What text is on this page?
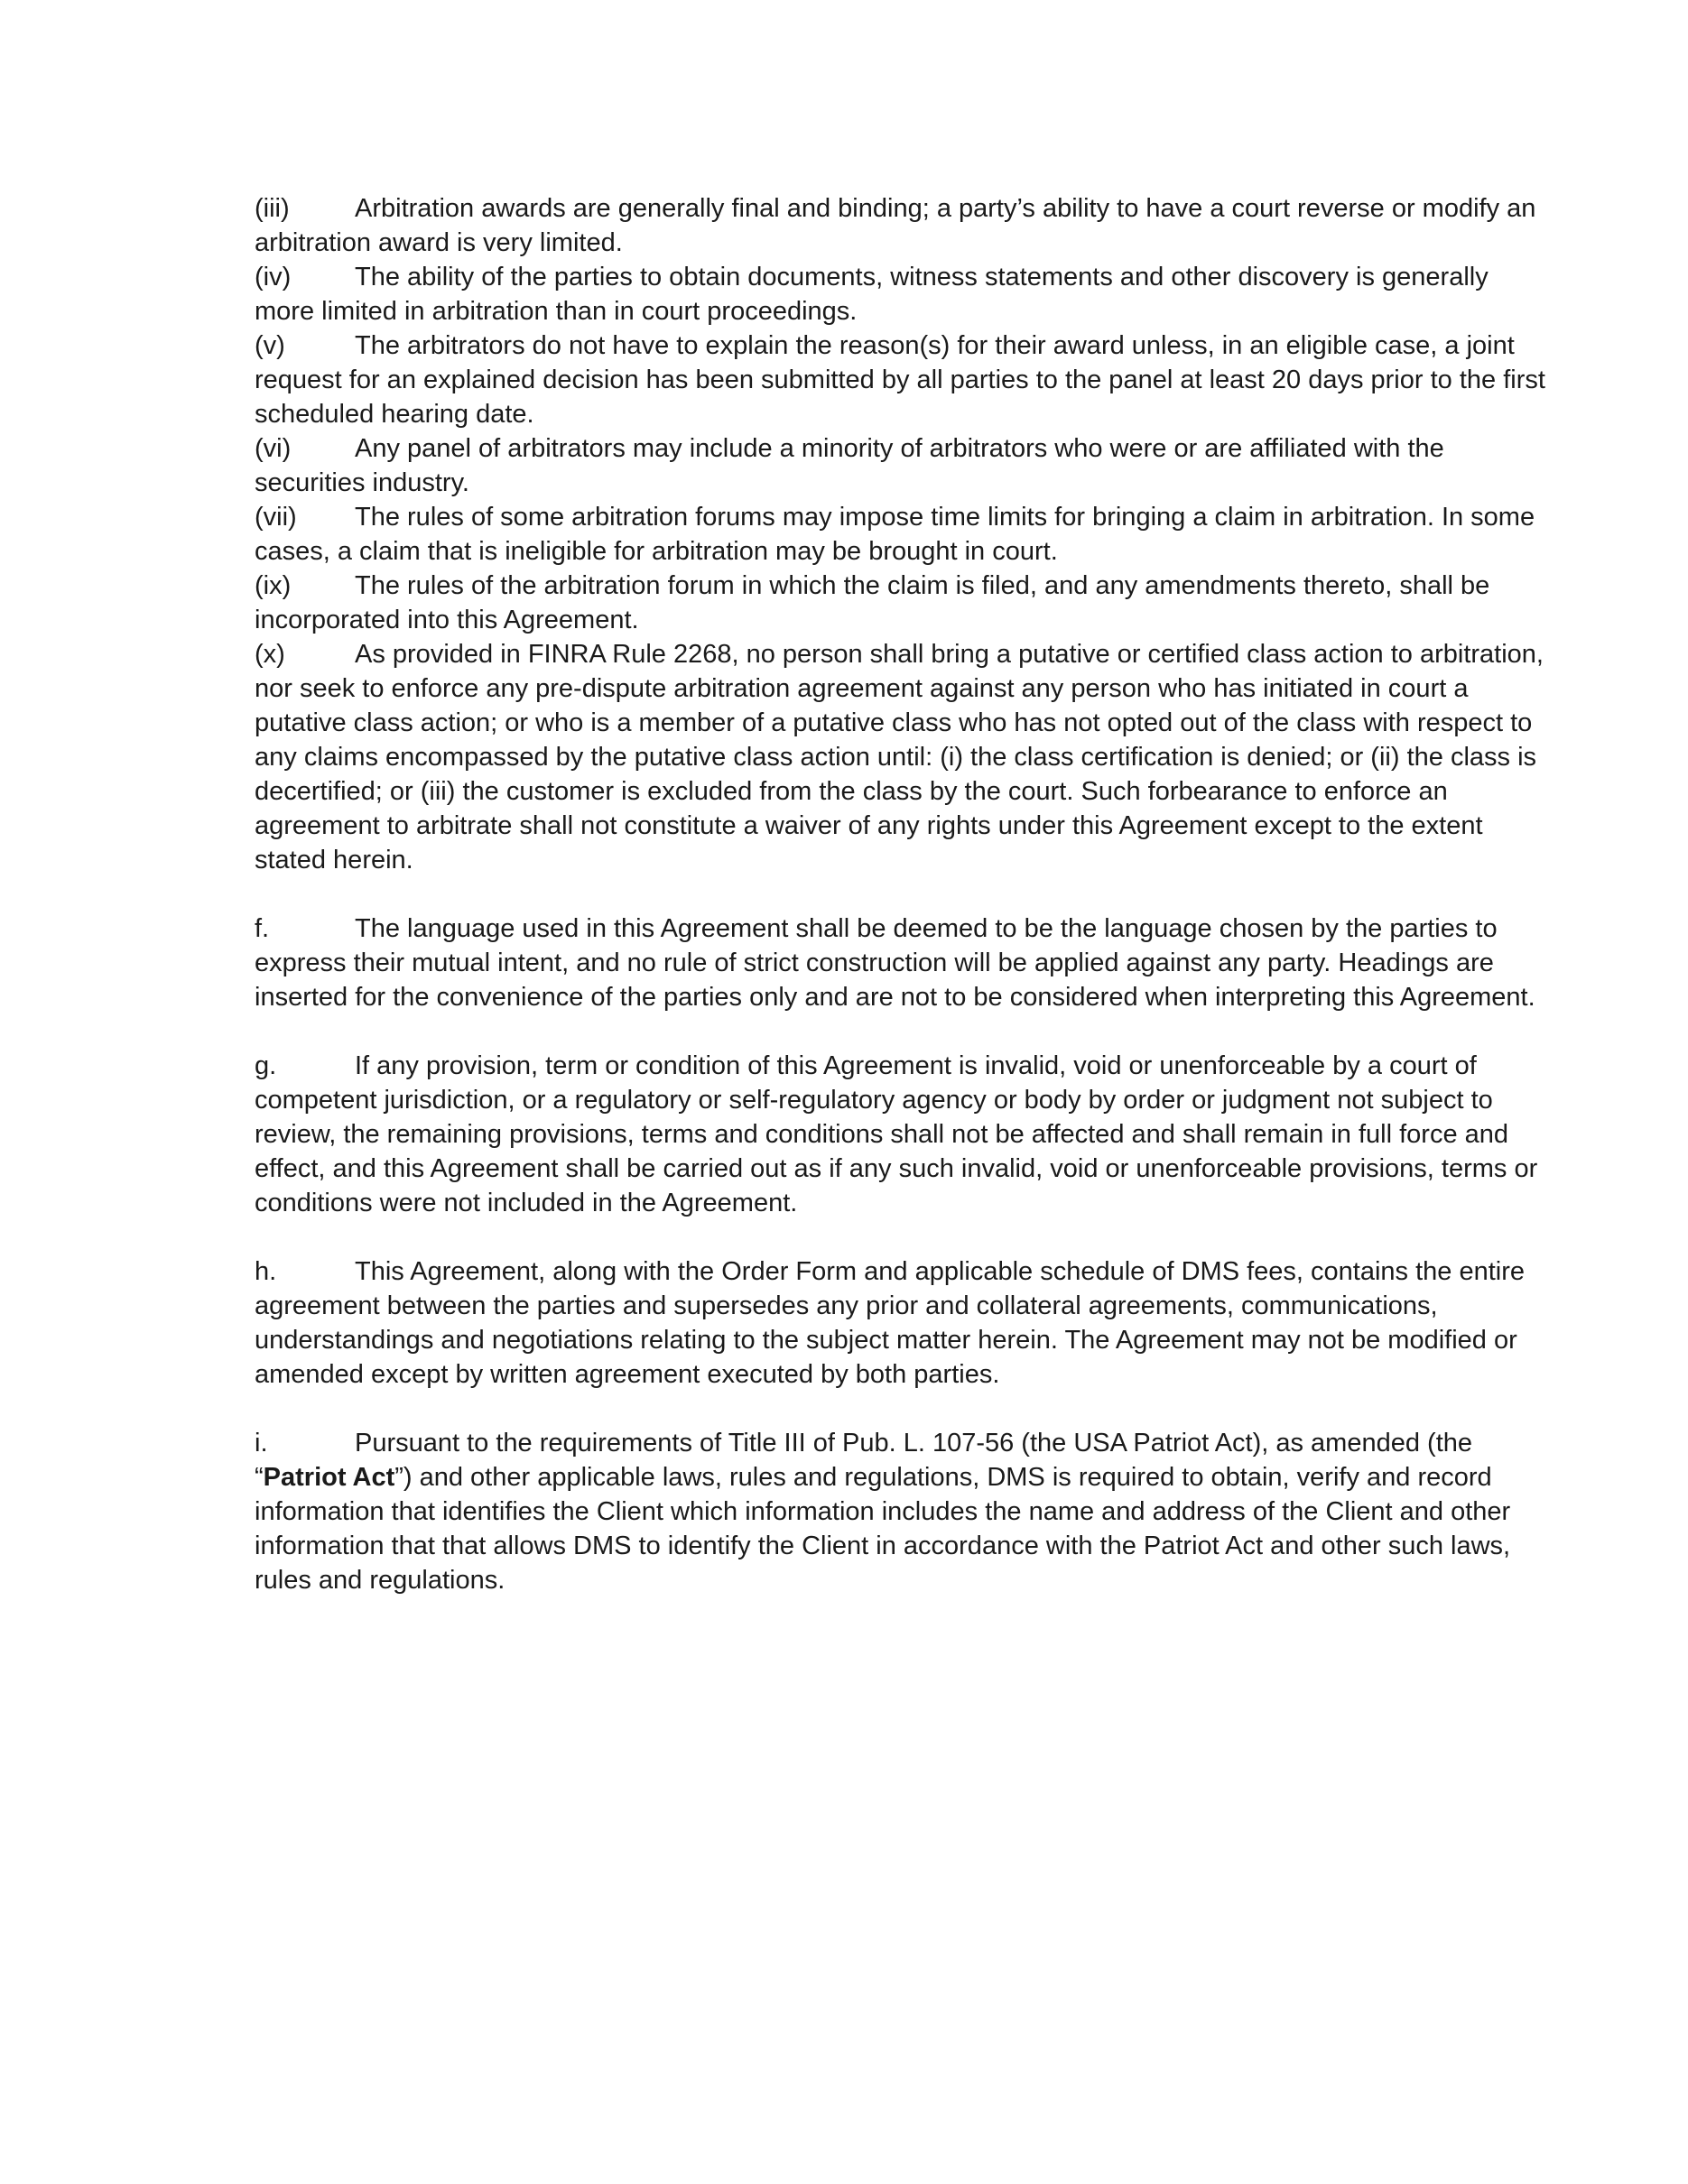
(iii) Arbitration awards are generally final and binding; a party’s ability to have a court reverse or modify an arbitration award is very limited.

(iv) The ability of the parties to obtain documents, witness statements and other discovery is generally more limited in arbitration than in court proceedings.

(v)	The arbitrators do not have to explain the reason(s) for their award unless, in an eligible case, a joint request for an explained decision has been submitted by all parties to the panel at least 20 days prior to the first scheduled hearing date.

(vi) Any panel of arbitrators may include a minority of arbitrators who were or are affiliated with the securities industry.

(vii) The rules of some arbitration forums may impose time limits for bringing a claim in arbitration. In some cases, a claim that is ineligible for arbitration may be brought in court.

(ix) The rules of the arbitration forum in which the claim is filed, and any amendments thereto, shall be incorporated into this Agreement.

(x)	As provided in FINRA Rule 2268, no person shall bring a putative or certified class action to arbitration, nor seek to enforce any pre-dispute arbitration agreement against any person who has initiated in court a putative class action; or who is a member of a putative class who has not opted out of the class with respect to any claims encompassed by the putative class action until: (i) the class certification is denied; or (ii) the class is decertified; or (iii) the customer is excluded from the class by the court. Such forbearance to enforce an agreement to arbitrate shall not constitute a waiver of any rights under this Agreement except to the extent stated herein.

f.	The language used in this Agreement shall be deemed to be the language chosen by the parties to express their mutual intent, and no rule of strict construction will be applied against any party. Headings are inserted for the convenience of the parties only and are not to be considered when interpreting this Agreement.

g.	If any provision, term or condition of this Agreement is invalid, void or unenforceable by a court of competent jurisdiction, or a regulatory or self-regulatory agency or body by order or judgment not subject to review, the remaining provisions, terms and conditions shall not be affected and shall remain in full force and effect, and this Agreement shall be carried out as if any such invalid, void or unenforceable provisions, terms or conditions were not included in the Agreement.

h.	This Agreement, along with the Order Form and applicable schedule of DMS fees, contains the entire agreement between the parties and supersedes any prior and collateral agreements, communications, understandings and negotiations relating to the subject matter herein. The Agreement may not be modified or amended except by written agreement executed by both parties.

i.	Pursuant to the requirements of Title III of Pub. L. 107-56 (the USA Patriot Act), as amended (the “Patriot Act”) and other applicable laws, rules and regulations, DMS is required to obtain, verify and record information that identifies the Client which information includes the name and address of the Client and other information that that allows DMS to identify the Client in accordance with the Patriot Act and other such laws, rules and regulations.
